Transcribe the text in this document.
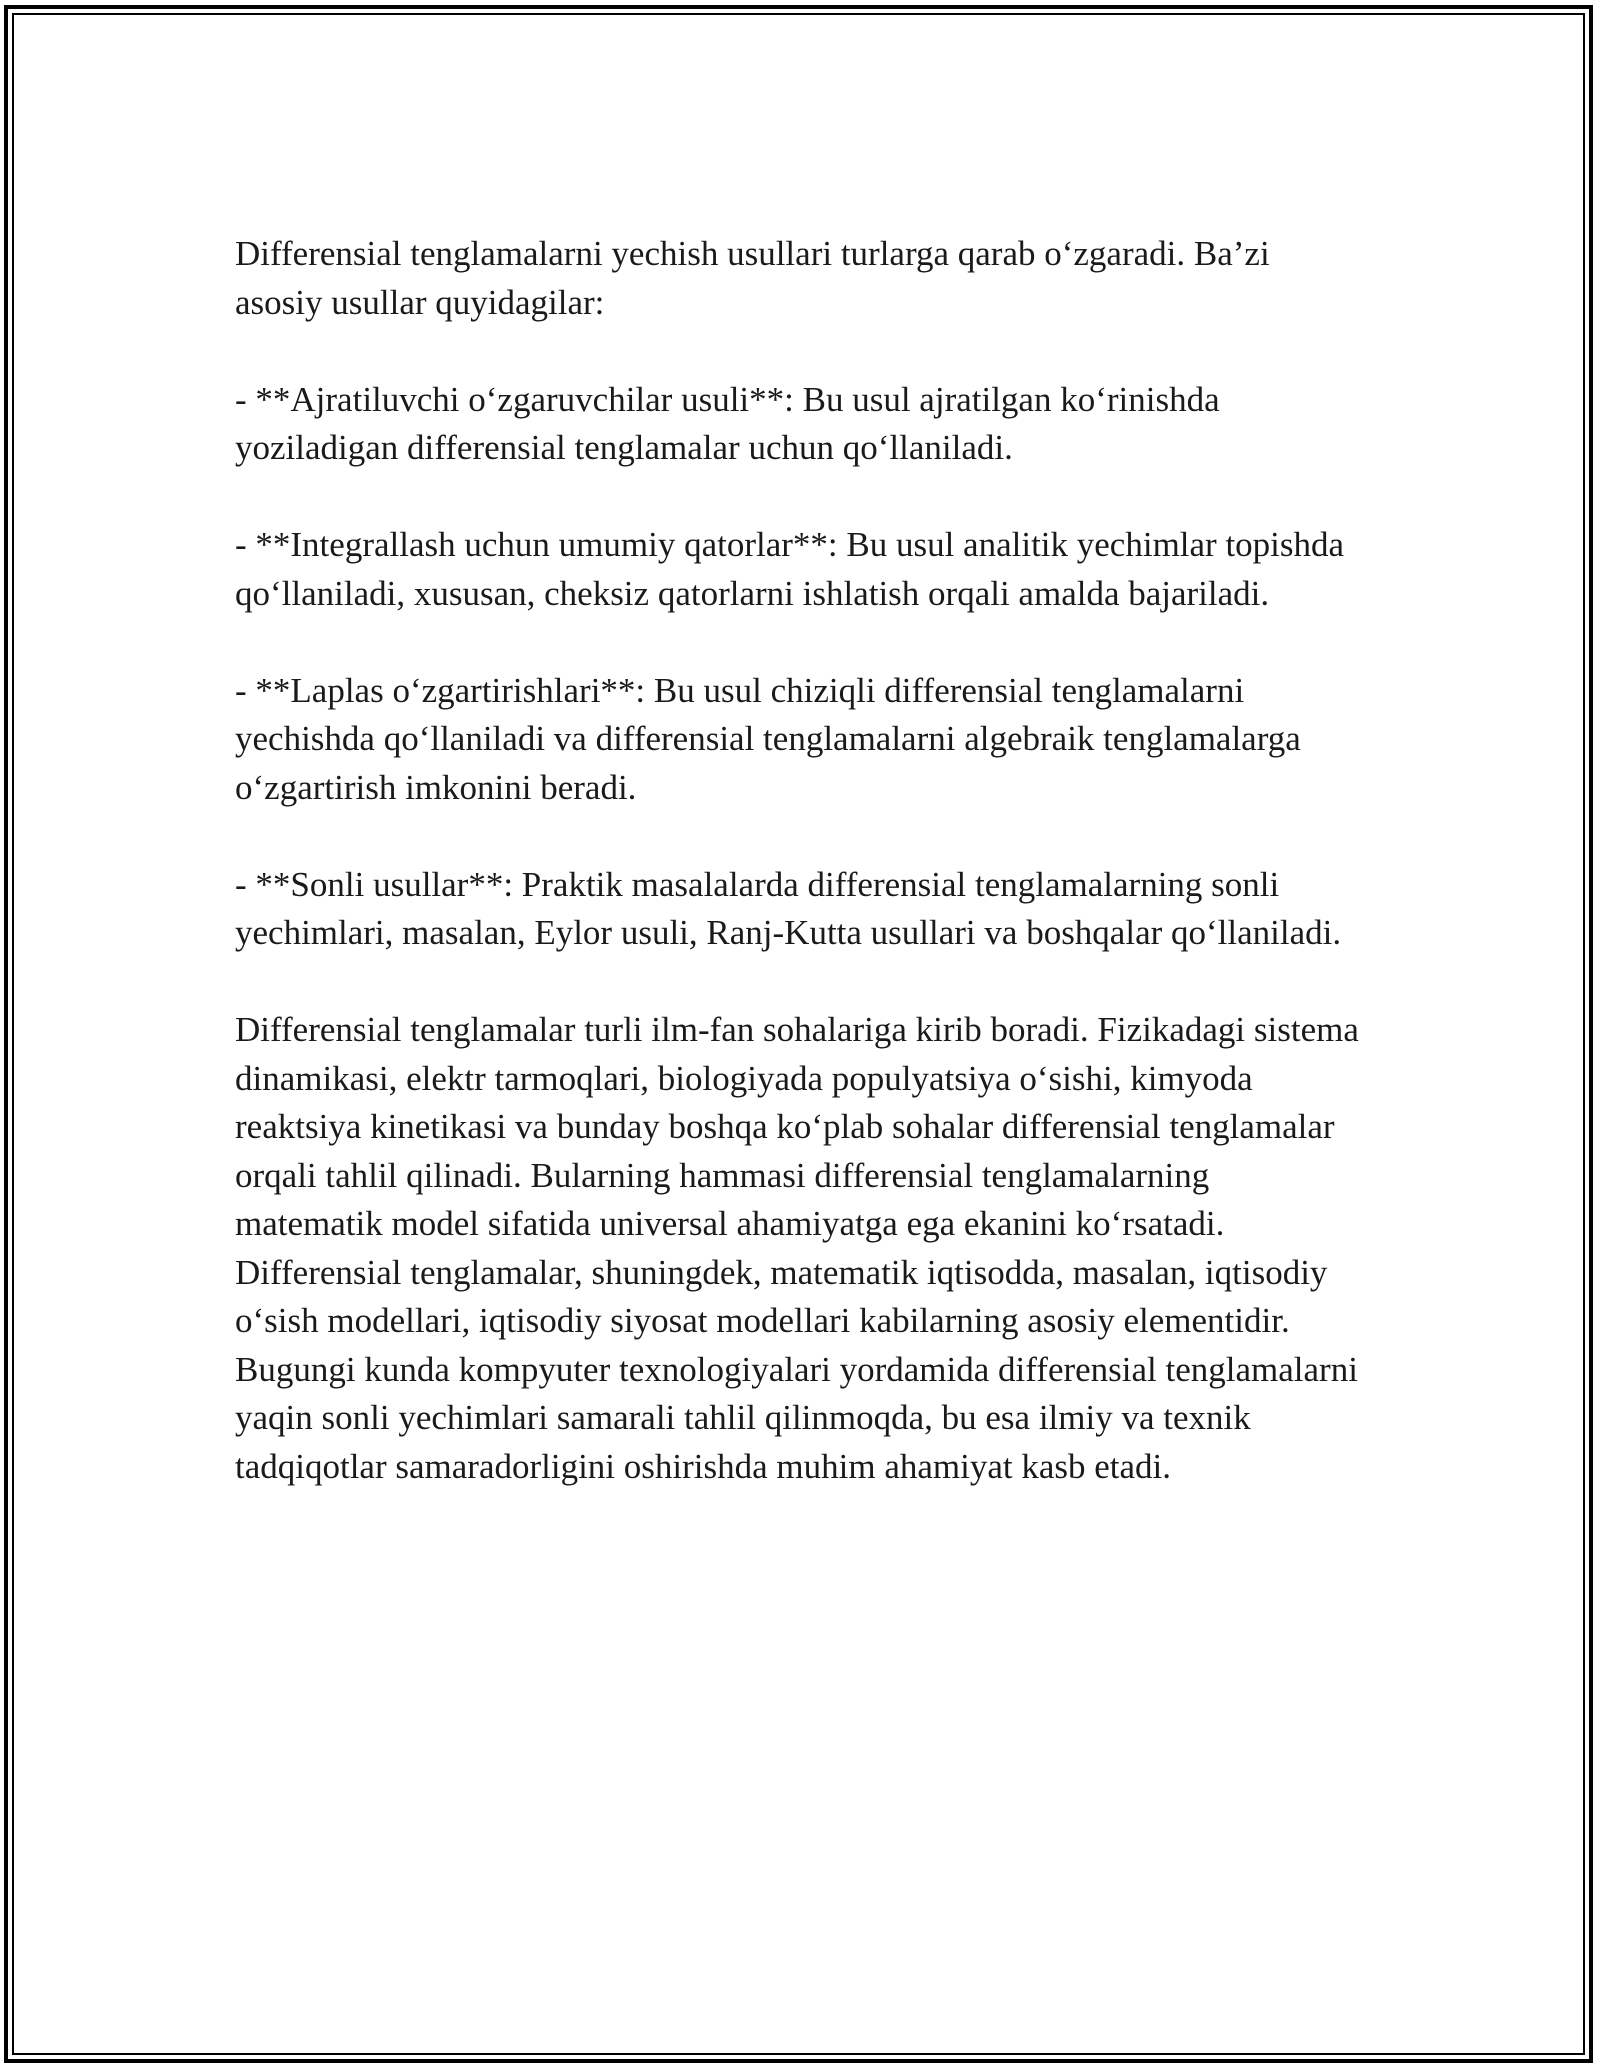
Differensial tenglamalarni yechish usullari turlarga qarab o‘zgaradi. Ba’zi asosiy usullar quyidagilar:

- **Ajratiluvchi o‘zgaruvchilar usuli**: Bu usul ajratilgan ko‘rinishda yoziladigan differensial tenglamalar uchun qo‘llaniladi.

- **Integrallash uchun umumiy qatorlar**: Bu usul analitik yechimlar topishda qo‘llaniladi, xususan, cheksiz qatorlarni ishlatish orqali amalda bajariladi.

- **Laplas o‘zgartirishlari**: Bu usul chiziqli differensial tenglamalarni yechishda qo‘llaniladi va differensial tenglamalarni algebraik tenglamalarga o‘zgartirish imkonini beradi.

- **Sonli usullar**: Praktik masalalarda differensial tenglamalarning sonli yechimlari, masalan, Eylor usuli, Ranj-Kutta usullari va boshqalar qo‘llaniladi.

Differensial tenglamalar turli ilm-fan sohalariga kirib boradi. Fizikadagi sistema dinamikasi, elektr tarmoqlari, biologiyada populyatsiya o‘sishi, kimyoda reaktsiya kinetikasi va bunday boshqa ko‘plab sohalar differensial tenglamalar orqali tahlil qilinadi. Bularning hammasi differensial tenglamalarning matematik model sifatida universal ahamiyatga ega ekanini ko‘rsatadi. Differensial tenglamalar, shuningdek, matematik iqtisodda, masalan, iqtisodiy o‘sish modellari, iqtisodiy siyosat modellari kabilarning asosiy elementidir. Bugungi kunda kompyuter texnologiyalari yordamida differensial tenglamalarni yaqin sonli yechimlari samarali tahlil qilinmoqda, bu esa ilmiy va texnik tadqiqotlar samaradorligini oshirishda muhim ahamiyat kasb etadi.
